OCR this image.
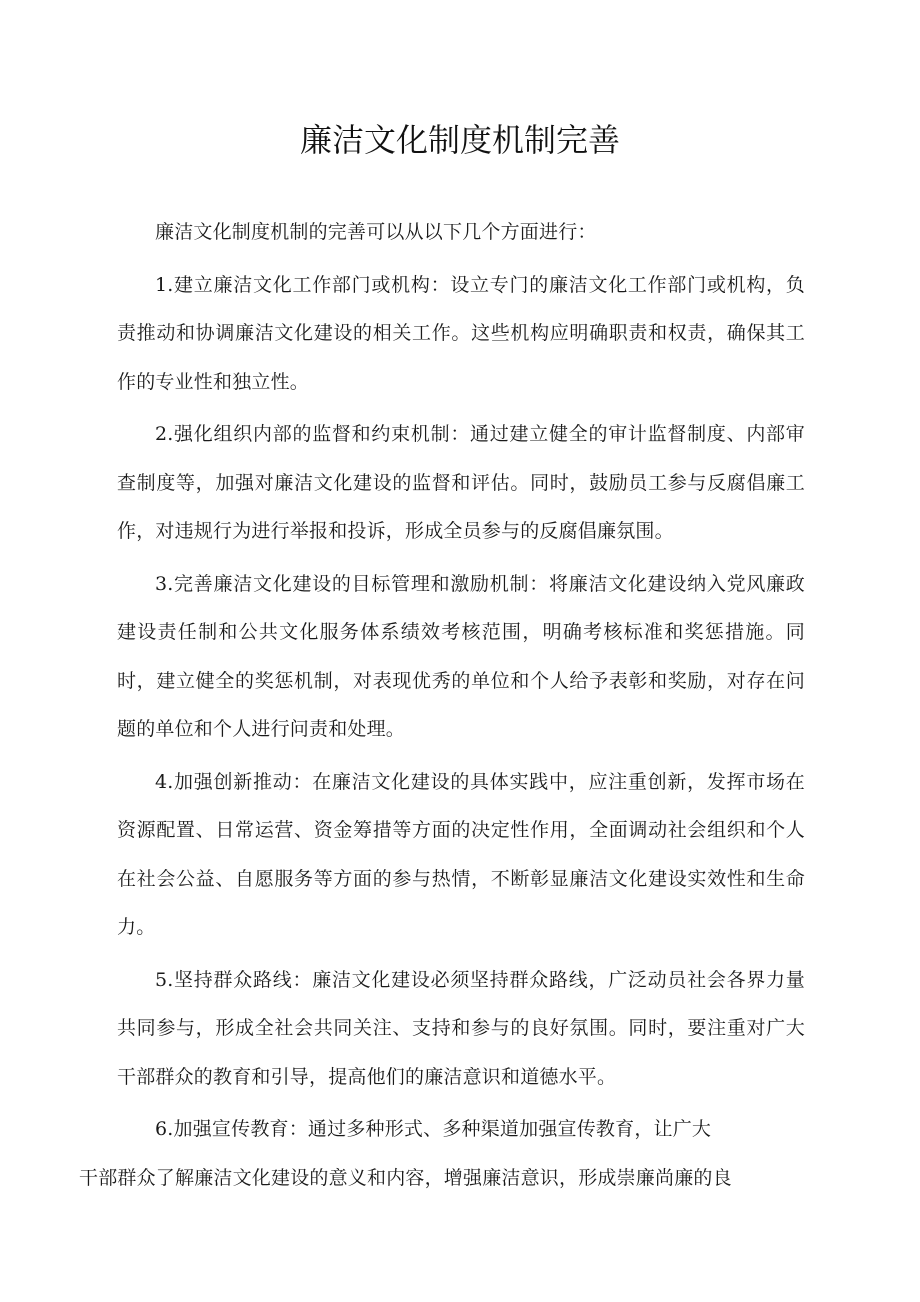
廉洁文化制度机制完善

廉洁文化制度机制的完善可以从以下几个方面进行：

1.建立廉洁文化工作部门或机构：设立专门的廉洁文化工作部门或机构，负责推动和协调廉洁文化建设的相关工作。这些机构应明确职责和权责，确保其工作的专业性和独立性。

2.强化组织内部的监督和约束机制：通过建立健全的审计监督制度、内部审查制度等，加强对廉洁文化建设的监督和评估。同时，鼓励员工参与反腐倡廉工作，对违规行为进行举报和投诉，形成全员参与的反腐倡廉氛围。

3.完善廉洁文化建设的目标管理和激励机制：将廉洁文化建设纳入党风廉政建设责任制和公共文化服务体系绩效考核范围，明确考核标准和奖惩措施。同时，建立健全的奖惩机制，对表现优秀的单位和个人给予表彰和奖励，对存在问题的单位和个人进行问责和处理。

4.加强创新推动：在廉洁文化建设的具体实践中，应注重创新，发挥市场在资源配置、日常运营、资金筹措等方面的决定性作用，全面调动社会组织和个人在社会公益、自愿服务等方面的参与热情，不断彰显廉洁文化建设实效性和生命力。

5.坚持群众路线：廉洁文化建设必须坚持群众路线，广泛动员社会各界力量共同参与，形成全社会共同关注、支持和参与的良好氛围。同时，要注重对广大干部群众的教育和引导，提高他们的廉洁意识和道德水平。

6.加强宣传教育：通过多种形式、多种渠道加强宣传教育，让广大
干部群众了解廉洁文化建设的意义和内容，增强廉洁意识，形成崇廉尚廉的良
